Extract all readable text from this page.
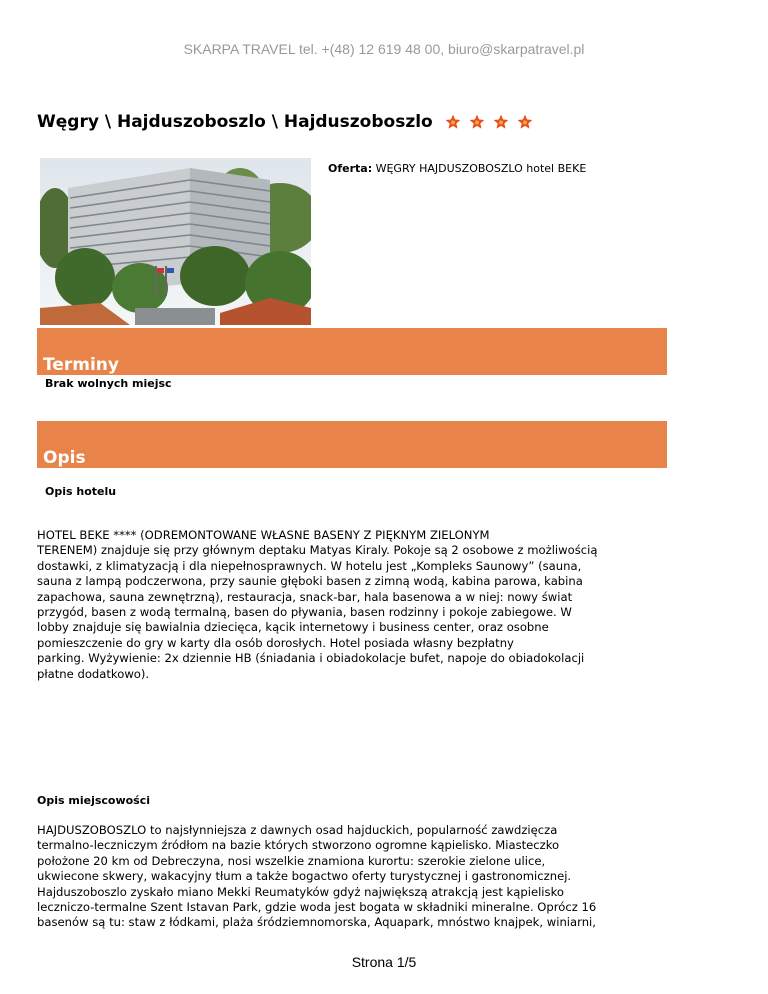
SKARPA TRAVEL tel. +(48) 12 619 48 00, biuro@skarpatravel.pl
Węgry \ Hajduszoboszlo \ Hajduszoboszlo
Oferta: WĘGRY HAJDUSZOBOSZLO hotel BEKE
Terminy
Brak wolnych miejsc
Opis
Opis hotelu
HOTEL BEKE **** (ODREMONTOWANE WŁASNE BASENY Z PIĘKNYM ZIELONYM
TERENEM) znajduje się przy głównym deptaku Matyas Kiraly. Pokoje są 2 osobowe z możliwością
dostawki, z klimatyzacją i dla niepełnosprawnych. W hotelu jest „Kompleks Saunowy” (sauna,
sauna z lampą podczerwona, przy saunie głęboki basen z zimną wodą, kabina parowa, kabina
zapachowa, sauna zewnętrzną), restauracja, snack-bar, hala basenowa a w niej: nowy świat
przygód, basen z wodą termalną, basen do pływania, basen rodzinny i pokoje zabiegowe. W
lobby znajduje się bawialnia dziecięca, kącik internetowy i business center, oraz osobne
pomieszczenie do gry w karty dla osób dorosłych. Hotel posiada własny bezpłatny
parking. Wyżywienie: 2x dziennie HB (śniadania i obiadokolacje bufet, napoje do obiadokolacji
płatne dodatkowo).
Opis miejscowości
HAJDUSZOBOSZLO to najsłynniejsza z dawnych osad hajduckich, popularność zawdzięcza
termalno-leczniczym źródłom na bazie których stworzono ogromne kąpielisko. Miasteczko
położone 20 km od Debreczyna, nosi wszelkie znamiona kurortu: szerokie zielone ulice,
ukwiecone skwery, wakacyjny tłum a także bogactwo oferty turystycznej i gastronomicznej.
Hajduszoboszlo zyskało miano Mekki Reumatyków gdyż największą atrakcją jest kąpielisko
leczniczo-termalne Szent Istavan Park, gdzie woda jest bogata w składniki mineralne. Oprócz 16
basenów są tu: staw z łódkami, plaża śródziemnomorska, Aquapark, mnóstwo knajpek, winiarni,
Strona 1/5
